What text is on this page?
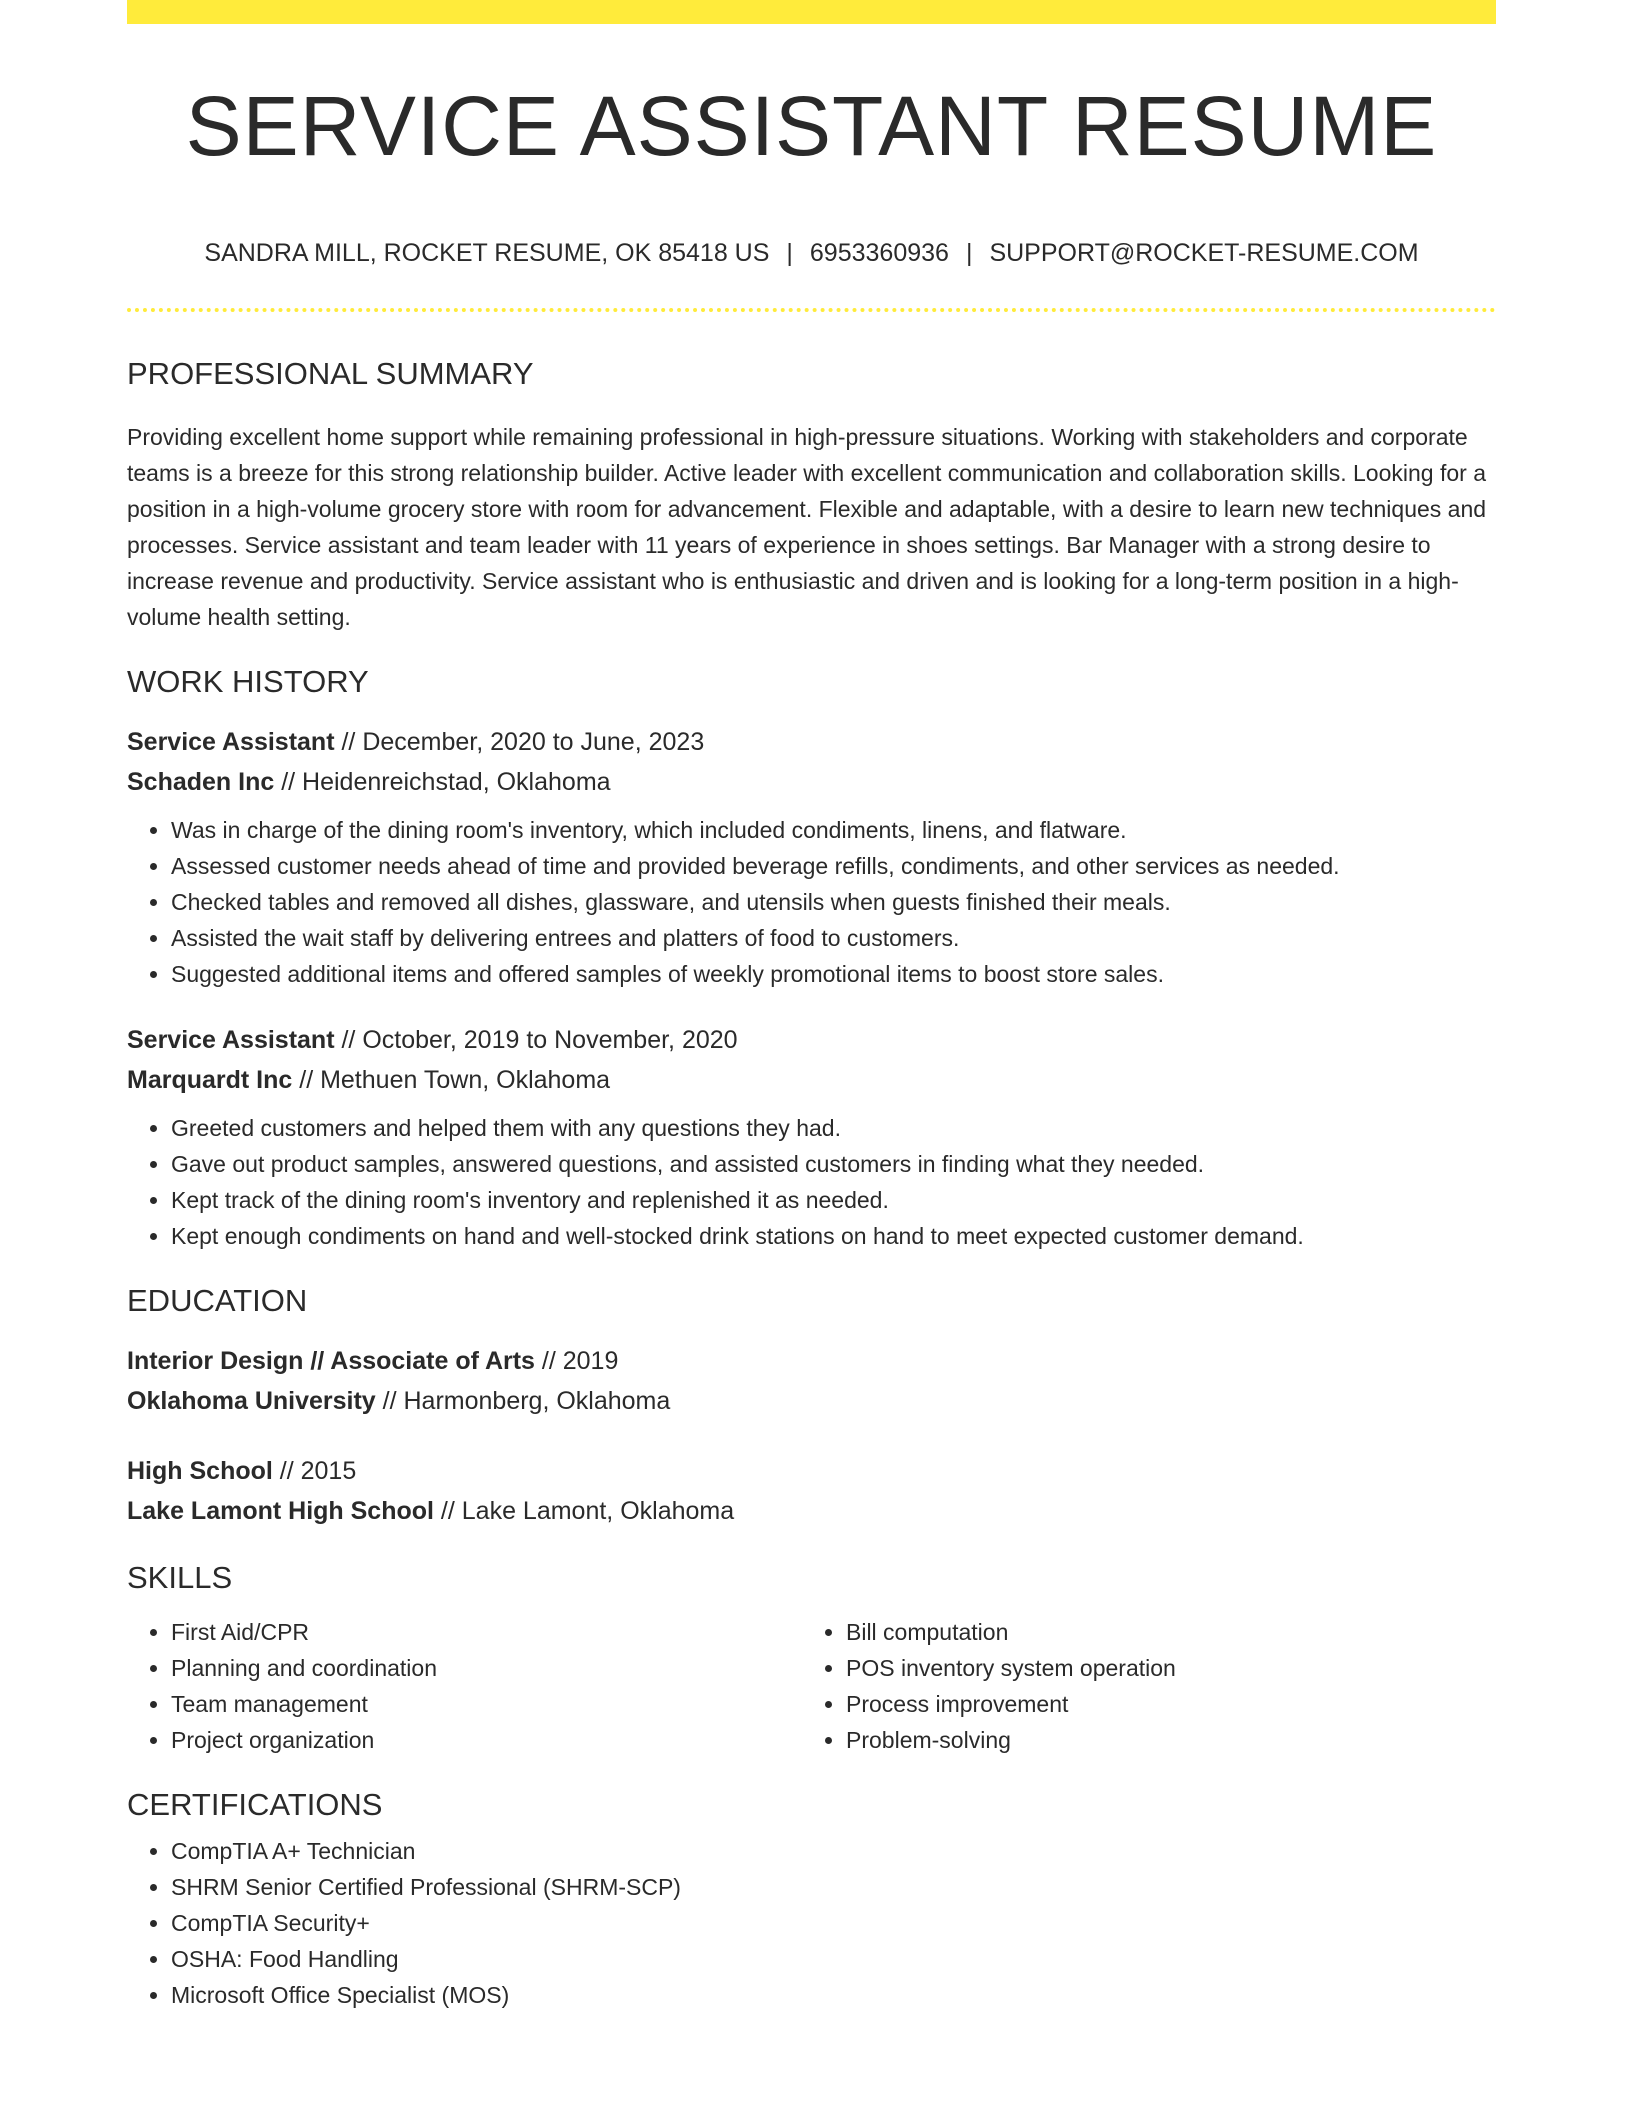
SERVICE ASSISTANT RESUME
SANDRA MILL, ROCKET RESUME, OK 85418 US | 6953360936 | SUPPORT@ROCKET-RESUME.COM
PROFESSIONAL SUMMARY
Providing excellent home support while remaining professional in high-pressure situations. Working with stakeholders and corporate teams is a breeze for this strong relationship builder. Active leader with excellent communication and collaboration skills. Looking for a position in a high-volume grocery store with room for advancement. Flexible and adaptable, with a desire to learn new techniques and processes. Service assistant and team leader with 11 years of experience in shoes settings. Bar Manager with a strong desire to increase revenue and productivity. Service assistant who is enthusiastic and driven and is looking for a long-term position in a high-volume health setting.
WORK HISTORY
Service Assistant // December, 2020 to June, 2023
Schaden Inc // Heidenreichstad, Oklahoma
• Was in charge of the dining room's inventory, which included condiments, linens, and flatware.
• Assessed customer needs ahead of time and provided beverage refills, condiments, and other services as needed.
• Checked tables and removed all dishes, glassware, and utensils when guests finished their meals.
• Assisted the wait staff by delivering entrees and platters of food to customers.
• Suggested additional items and offered samples of weekly promotional items to boost store sales.
Service Assistant // October, 2019 to November, 2020
Marquardt Inc // Methuen Town, Oklahoma
• Greeted customers and helped them with any questions they had.
• Gave out product samples, answered questions, and assisted customers in finding what they needed.
• Kept track of the dining room's inventory and replenished it as needed.
• Kept enough condiments on hand and well-stocked drink stations on hand to meet expected customer demand.
EDUCATION
Interior Design // Associate of Arts // 2019
Oklahoma University // Harmonberg, Oklahoma
High School // 2015
Lake Lamont High School // Lake Lamont, Oklahoma
SKILLS
• First Aid/CPR
• Planning and coordination
• Team management
• Project organization
• Bill computation
• POS inventory system operation
• Process improvement
• Problem-solving
CERTIFICATIONS
• CompTIA A+ Technician
• SHRM Senior Certified Professional (SHRM-SCP)
• CompTIA Security+
• OSHA: Food Handling
• Microsoft Office Specialist (MOS)
